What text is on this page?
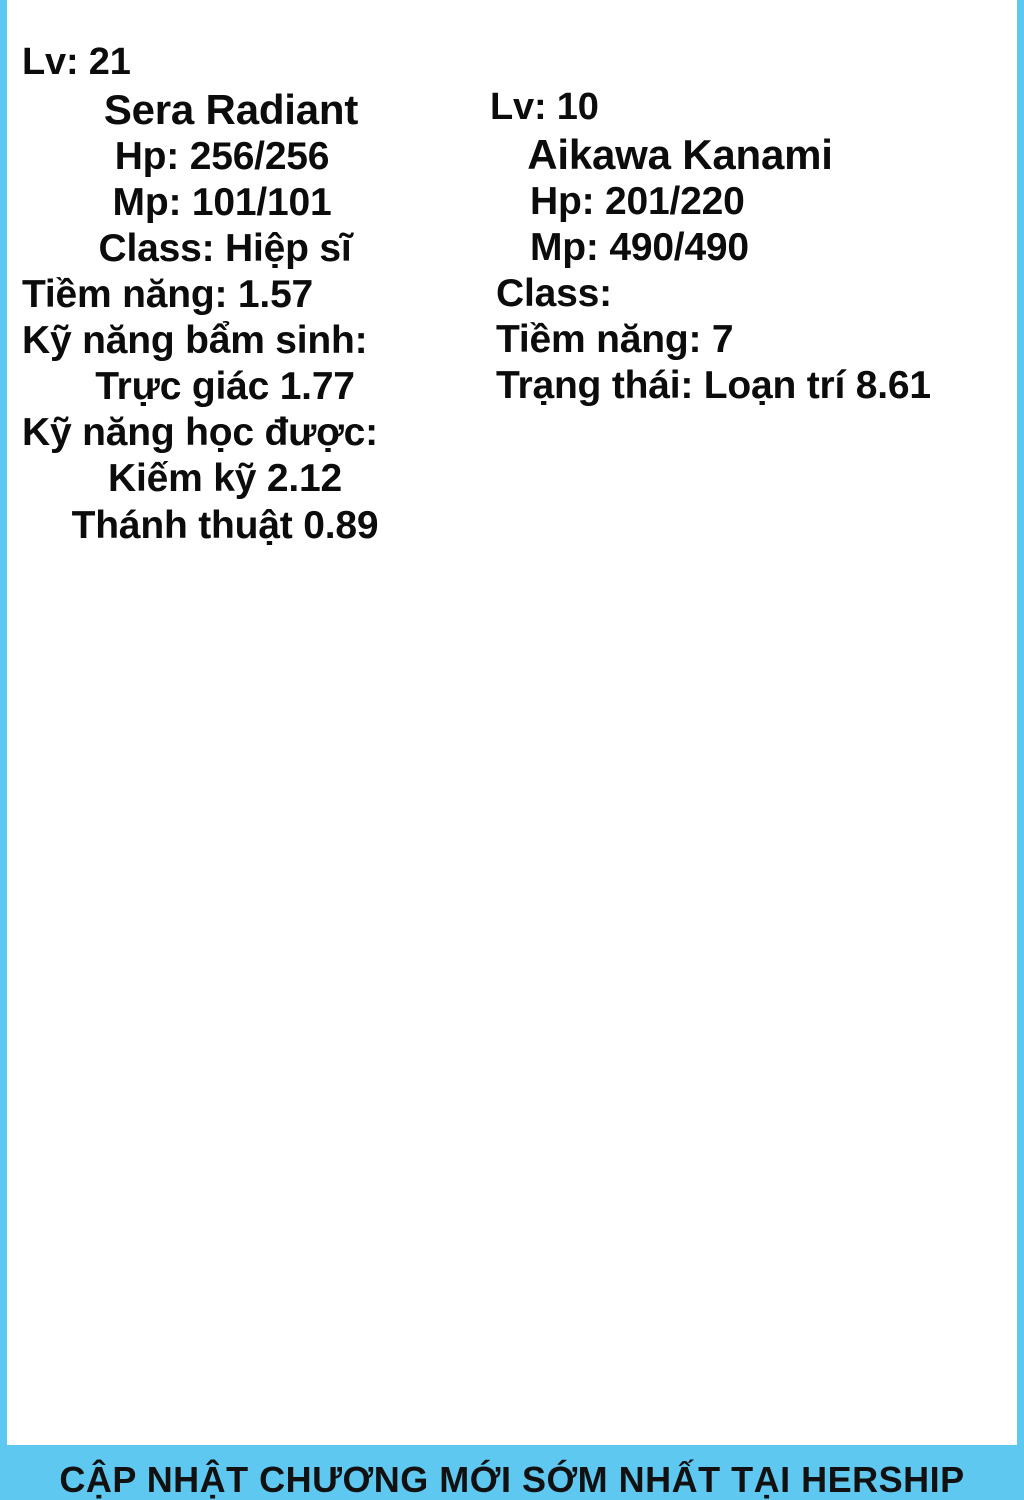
Lv: 21
Sera Radiant
Hp: 256/256
Mp: 101/101
Class: Hiệp sĩ
Tiềm năng: 1.57
Kỹ năng bẩm sinh:
Trực giác 1.77
Kỹ năng học được:
Kiếm kỹ 2.12
Thánh thuật 0.89
Lv: 10
Aikawa Kanami
Hp: 201/220
Mp: 490/490
Class:
Tiềm năng: 7
Trạng thái: Loạn trí 8.61
CẬP NHẬT CHƯƠNG MỚI SỚM NHẤT TẠI HERSHIP
